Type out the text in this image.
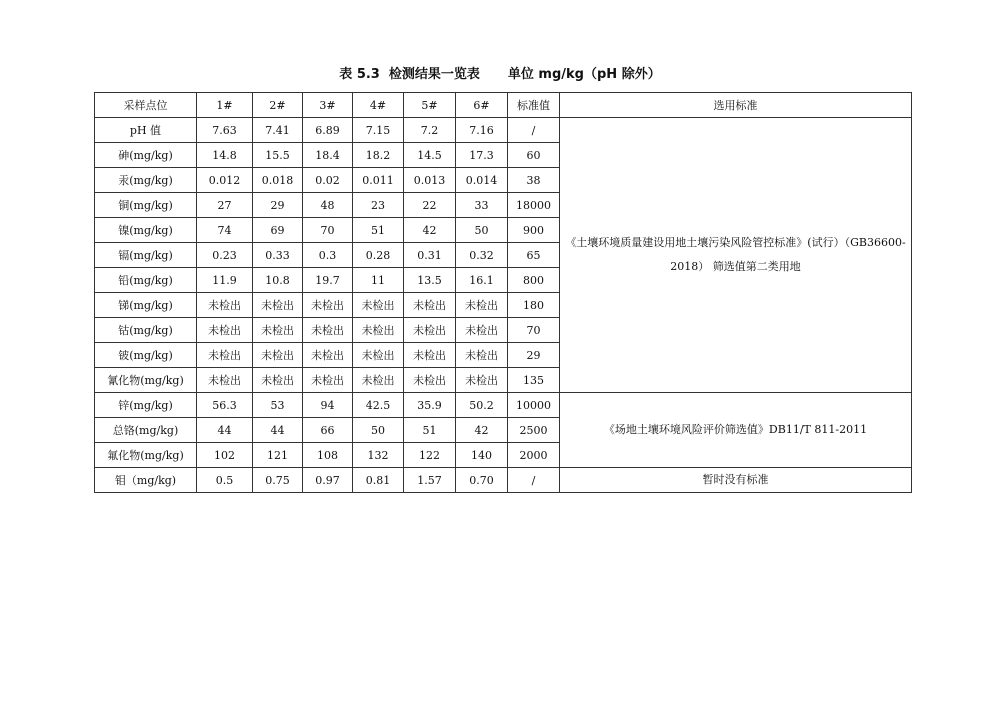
表 5.3  检测结果一览表 单位 mg/kg（pH 除外）
采样点位	1#	2#	3#	4#	5#	6#	标准值	选用标准
pH 值	7.63	7.41	6.89	7.15	7.2	7.16	/	《土壤环境质量建设用地土壤污染风险管控标准》(试行）（GB36600-2018） 筛选值第二类用地
砷(mg/kg)	14.8	15.5	18.4	18.2	14.5	17.3	60	
汞(mg/kg)	0.012	0.018	0.02	0.011	0.013	0.014	38	
铜(mg/kg)	27	29	48	23	22	33	18000	
镍(mg/kg)	74	69	70	51	42	50	900	
镉(mg/kg)	0.23	0.33	0.3	0.28	0.31	0.32	65	
铅(mg/kg)	11.9	10.8	19.7	11	13.5	16.1	800	
锑(mg/kg)	未检出	未检出	未检出	未检出	未检出	未检出	180	
钴(mg/kg)	未检出	未检出	未检出	未检出	未检出	未检出	70	
铍(mg/kg)	未检出	未检出	未检出	未检出	未检出	未检出	29	
氰化物(mg/kg)	未检出	未检出	未检出	未检出	未检出	未检出	135	
锌(mg/kg)	56.3	53	94	42.5	35.9	50.2	10000	《场地土壤环境风险评价筛选值》DB11/T 811-2011
总铬(mg/kg)	44	44	66	50	51	42	2500	
氟化物(mg/kg)	102	121	108	132	122	140	2000	
钼（mg/kg)	0.5	0.75	0.97	0.81	1.57	0.70	/	暂时没有标准
